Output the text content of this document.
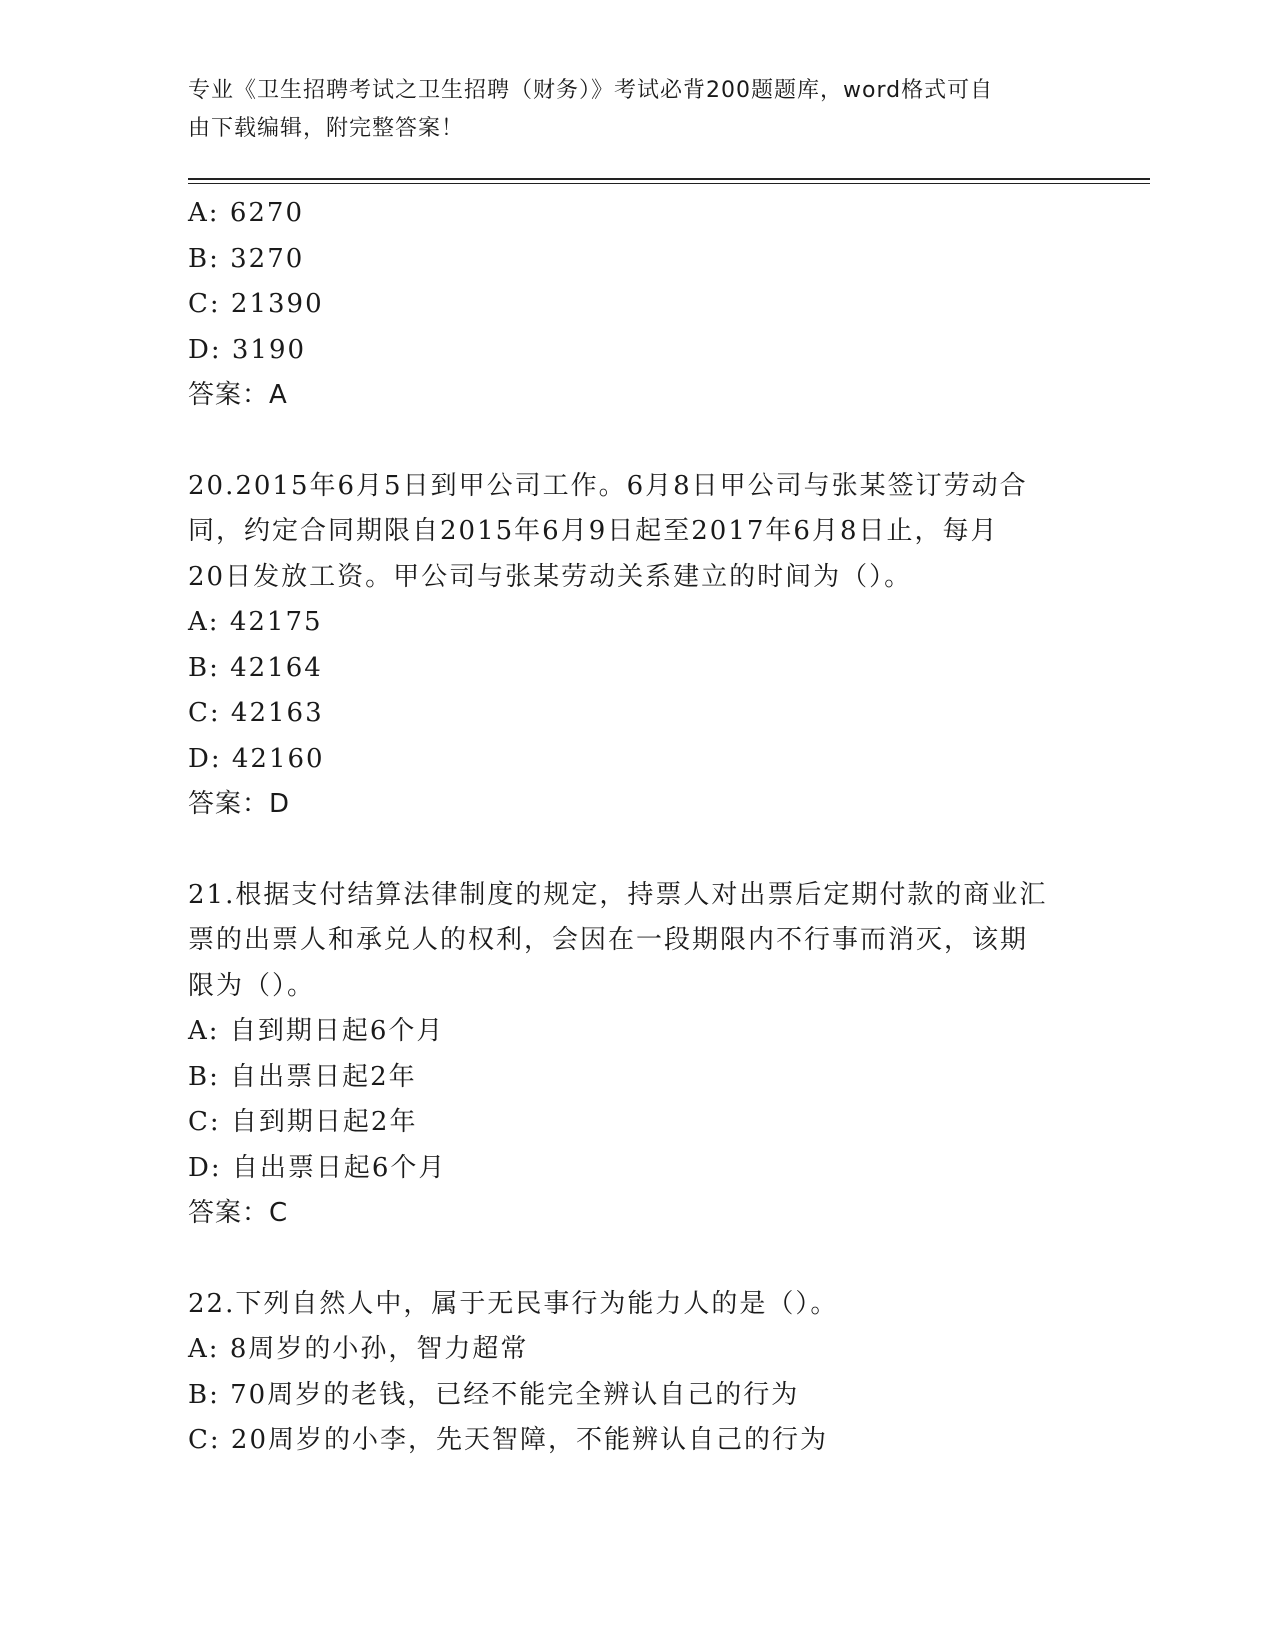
专业《卫生招聘考试之卫生招聘（财务）》考试必背200题题库，word格式可自
由下载编辑，附完整答案！
A: 6270
B: 3270
C: 21390
D: 3190
答案：A
20.2015年6月5日到甲公司工作。6月8日甲公司与张某签订劳动合
同，约定合同期限自2015年6月9日起至2017年6月8日止，每月
20日发放工资。甲公司与张某劳动关系建立的时间为（）。
A: 42175
B: 42164
C: 42163
D: 42160
答案：D
21.根据支付结算法律制度的规定，持票人对出票后定期付款的商业汇
票的出票人和承兑人的权利，会因在一段期限内不行事而消灭，该期
限为（）。
A: 自到期日起6个月
B: 自出票日起2年
C: 自到期日起2年
D: 自出票日起6个月
答案：C
22.下列自然人中，属于无民事行为能力人的是（）。
A: 8周岁的小孙，智力超常
B: 70周岁的老钱，已经不能完全辨认自己的行为
C: 20周岁的小李，先天智障，不能辨认自己的行为
